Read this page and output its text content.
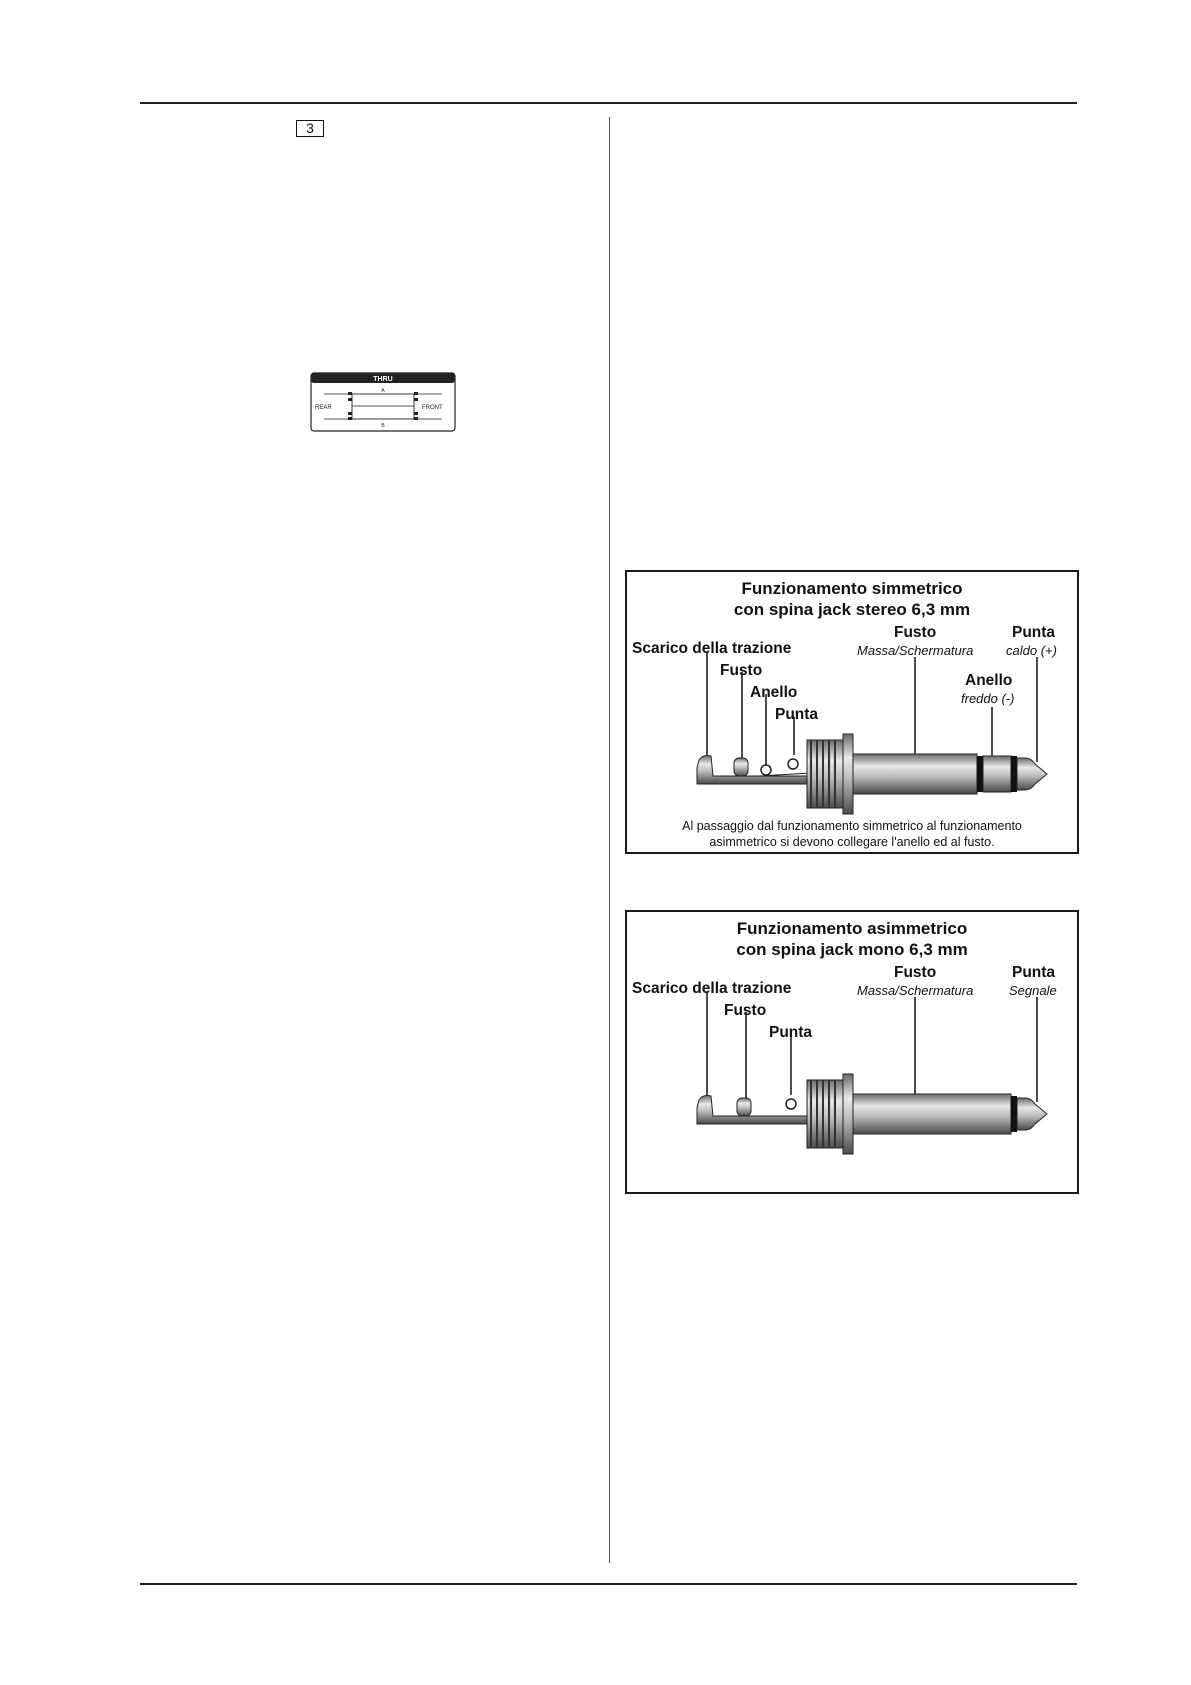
3
THRU
A
B
REAR	FRONT
Funzionamento simmetrico
con spina jack stereo 6,3 mm
Scarico della trazione
Fusto
Anello
Punta
Fusto
Massa/Schermatura
Punta
caldo (+)
Anello
freddo (-)
Al passaggio dal funzionamento simmetrico al funzionamento
asimmetrico si devono collegare l'anello ed al fusto.
Funzionamento asimmetrico
con spina jack mono 6,3 mm
Scarico della trazione
Fusto
Punta
Fusto
Massa/Schermatura
Punta
Segnale
